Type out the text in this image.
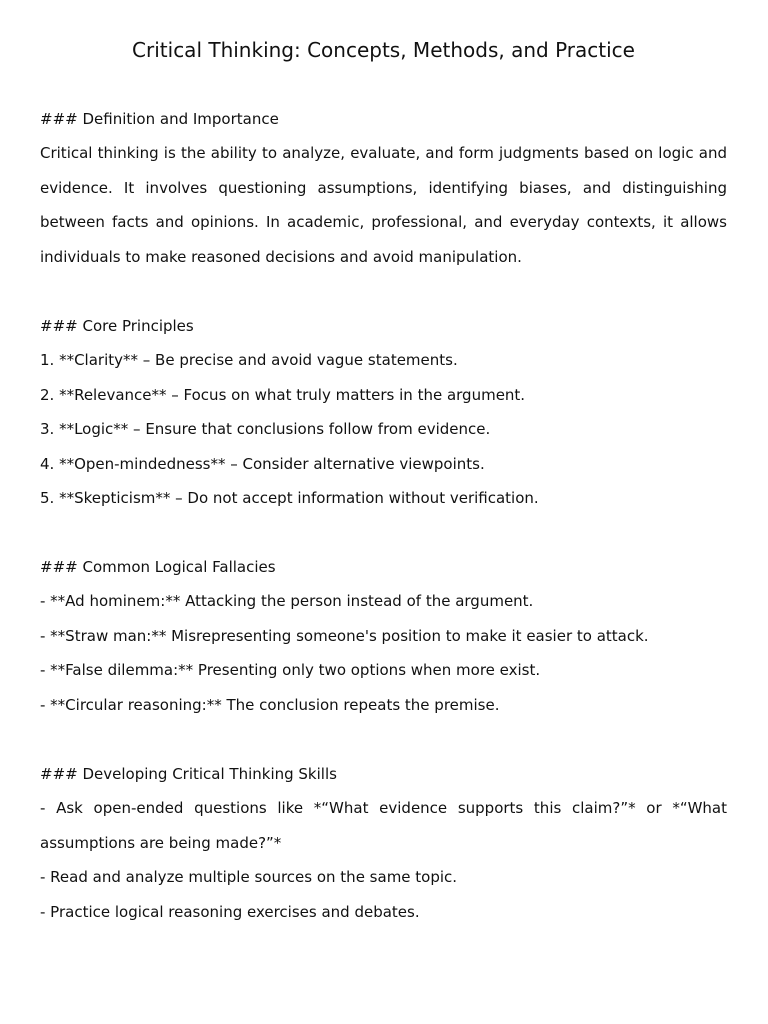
Critical Thinking: Concepts, Methods, and Practice
### Definition and Importance

Critical thinking is the ability to analyze, evaluate, and form judgments based on logic and evidence. It involves questioning assumptions, identifying biases, and distinguishing between facts and opinions. In academic, professional, and everyday contexts, it allows individuals to make reasoned decisions and avoid manipulation.

### Core Principles
1. **Clarity** – Be precise and avoid vague statements.
2. **Relevance** – Focus on what truly matters in the argument.
3. **Logic** – Ensure that conclusions follow from evidence.
4. **Open-mindedness** – Consider alternative viewpoints.
5. **Skepticism** – Do not accept information without verification.
### Common Logical Fallacies
- **Ad hominem:** Attacking the person instead of the argument.
- **Straw man:** Misrepresenting someone's position to make it easier to attack.
- **False dilemma:** Presenting only two options when more exist.
- **Circular reasoning:** The conclusion repeats the premise.
### Developing Critical Thinking Skills

- Ask open-ended questions like *“What evidence supports this claim?”* or *“What assumptions are being made?”*

- Read and analyze multiple sources on the same topic.
- Practice logical reasoning exercises and debates.
